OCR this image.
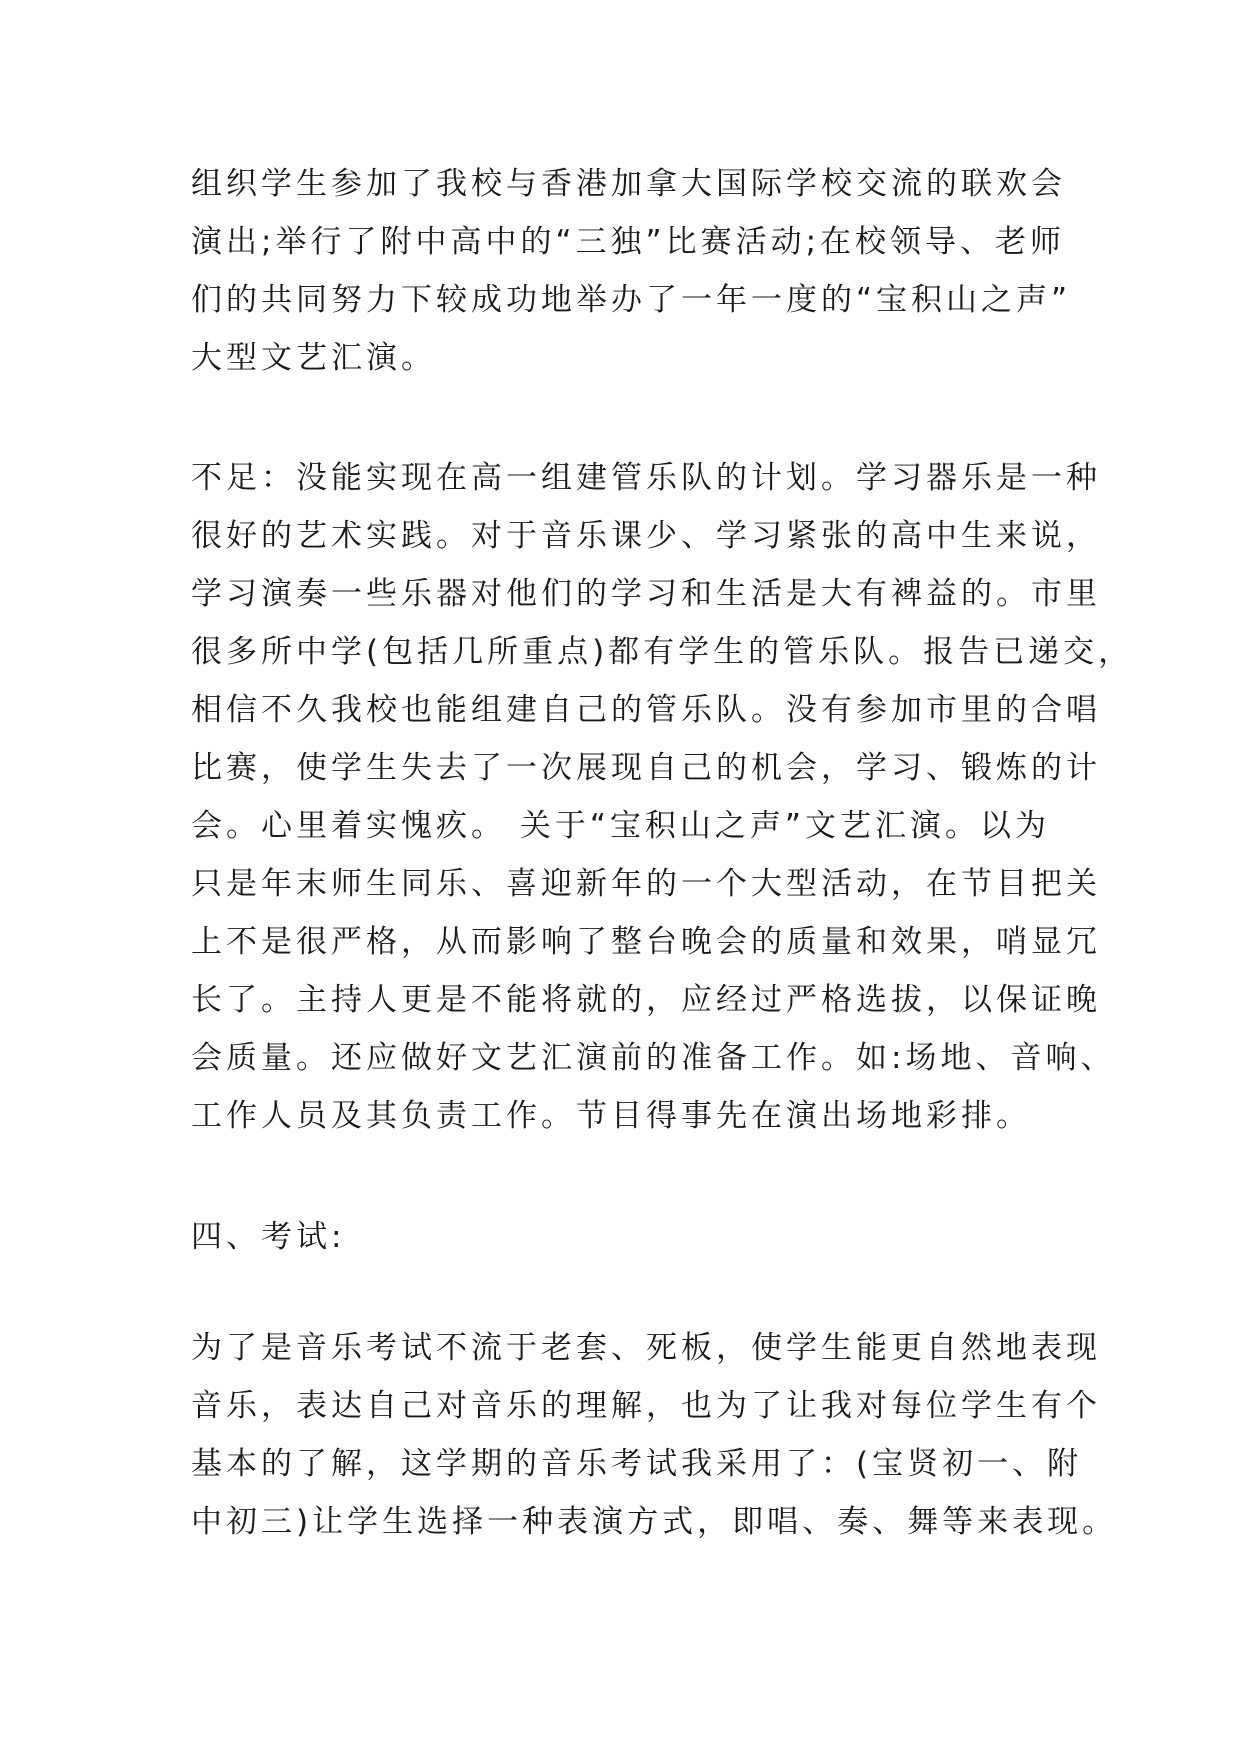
组织学生参加了我校与香港加拿大国际学校交流的联欢会
演出;举行了附中高中的“三独”比赛活动;在校领导、老师
们的共同努力下较成功地举办了一年一度的“宝积山之声”
大型文艺汇演。
不足：没能实现在高一组建管乐队的计划。学习器乐是一种
很好的艺术实践。对于音乐课少、学习紧张的高中生来说，
学习演奏一些乐器对他们的学习和生活是大有裨益的。市里
很多所中学(包括几所重点)都有学生的管乐队。报告已递交，
相信不久我校也能组建自己的管乐队。没有参加市里的合唱
比赛，使学生失去了一次展现自己的机会，学习、锻炼的计
会。心里着实愧疚。 关于“宝积山之声”文艺汇演。以为
只是年末师生同乐、喜迎新年的一个大型活动，在节目把关
上不是很严格，从而影响了整台晚会的质量和效果，哨显冗
长了。主持人更是不能将就的，应经过严格选拔，以保证晚
会质量。还应做好文艺汇演前的准备工作。如:场地、音响、
工作人员及其负责工作。节目得事先在演出场地彩排。
四、考试:
为了是音乐考试不流于老套、死板，使学生能更自然地表现
音乐，表达自己对音乐的理解，也为了让我对每位学生有个
基本的了解，这学期的音乐考试我采用了：(宝贤初一、附
中初三)让学生选择一种表演方式，即唱、奏、舞等来表现。
